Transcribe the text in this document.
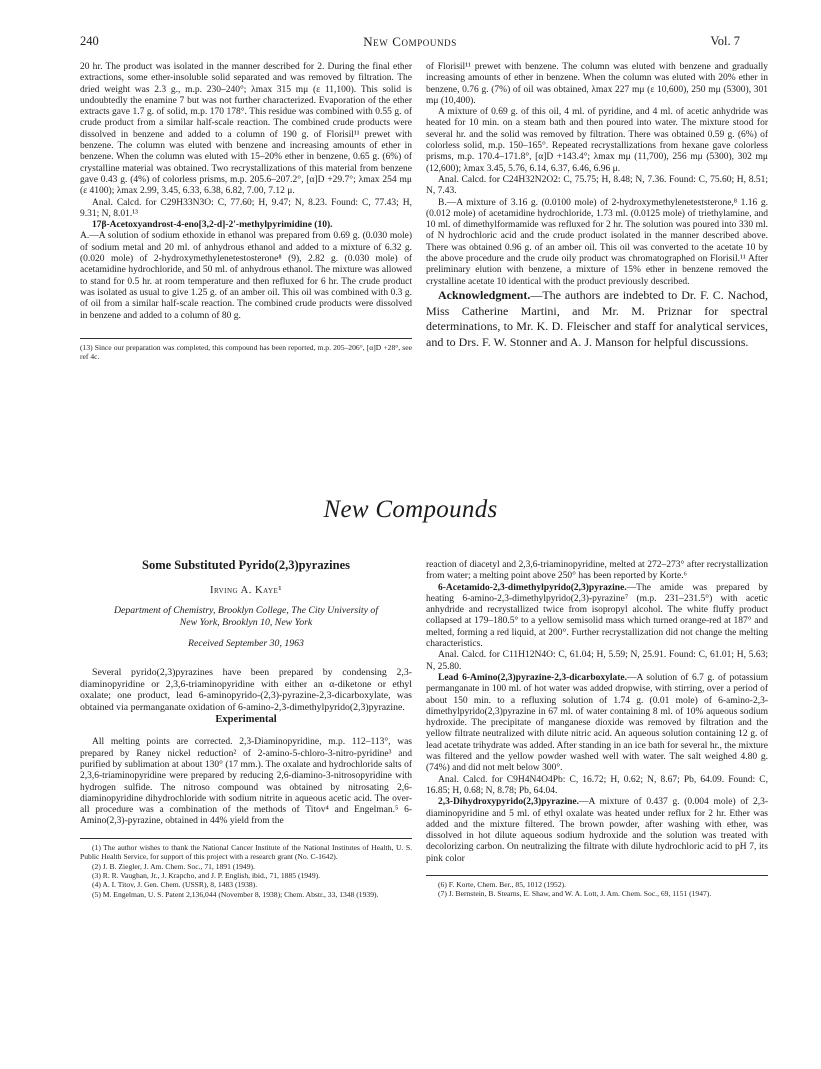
240	New Compounds	Vol. 7

20 hr. The product was isolated in the manner described for 2. During the final ether extractions, some ether-insoluble solid separated and was removed by filtration. The dried weight was 2.3 g., m.p. 230–240°; λmax 315 mμ (ε 11,100). This solid is undoubtedly the enamine 7 but was not further characterized. Evaporation of the ether extracts gave 1.7 g. of solid, m.p. 170 178°. This residue was combined with 0.55 g. of crude product from a similar half-scale reaction. The combined crude products were dissolved in benzene and added to a column of 190 g. of Florisil¹¹ prewet with benzene. The column was eluted with benzene and increasing amounts of ether in benzene. When the column was eluted with 15–20% ether in benzene, 0.65 g. (6%) of crystalline material was obtained. Two recrystallizations of this material from benzene gave 0.43 g. (4%) of colorless prisms, m.p. 205.6–207.2°, [α]D +29.7°; λmax 254 mμ (ε 4100); λmax 2.99, 3.45, 6.33, 6.38, 6.82, 7.00, 7.12 μ.

Anal. Calcd. for C29H33N3O: C, 77.60; H, 9.47; N, 8.23. Found: C, 77.43; H, 9.31; N, 8.01.¹³

17β-Acetoxyandrost-4-eno[3,2-d]-2′-methylpyrimidine (10).
A.—A solution of sodium ethoxide in ethanol was prepared from 0.69 g. (0.030 mole) of sodium metal and 20 ml. of anhydrous ethanol and added to a mixture of 6.32 g. (0.020 mole) of 2-hydroxymethylenetestosterone⁸ (9), 2.82 g. (0.030 mole) of acetamidine hydrochloride, and 50 ml. of anhydrous ethanol. The mixture was allowed to stand for 0.5 hr. at room temperature and then refluxed for 6 hr. The crude product was isolated as usual to give 1.25 g. of an amber oil. This oil was combined with 0.3 g. of oil from a similar half-scale reaction. The combined crude products were dissolved in benzene and added to a column of 80 g.

(13) Since our preparation was completed, this compound has been reported, m.p. 205–206°, [α]D +28°, see ref 4c.

of Florisil¹¹ prewet with benzene. The column was eluted with benzene and gradually increasing amounts of ether in benzene. When the column was eluted with 20% ether in benzene, 0.76 g. (7%) of oil was obtained, λmax 227 mμ (ε 10,600), 250 mμ (5300), 301 mμ (10,400).

A mixture of 0.69 g. of this oil, 4 ml. of pyridine, and 4 ml. of acetic anhydride was heated for 10 min. on a steam bath and then poured into water. The mixture stood for several hr. and the solid was removed by filtration. There was obtained 0.59 g. (6%) of colorless solid, m.p. 150–165°. Repeated recrystallizations from hexane gave colorless prisms, m.p. 170.4–171.8°, [α]D +143.4°; λmax mμ (11,700), 256 mμ (5300), 302 mμ (12,600); λmax 3.45, 5.76, 6.14, 6.37, 6.46, 6.96 μ.

Anal. Calcd. for C24H32N2O2: C, 75.75; H, 8.48; N, 7.36. Found: C, 75.60; H, 8.51; N, 7.43.

B.—A mixture of 3.16 g. (0.0100 mole) of 2-hydroxymethyleneteststerone,⁸ 1.16 g. (0.012 mole) of acetamidine hydrochloride, 1.73 ml. (0.0125 mole) of triethylamine, and 10 ml. of dimethylformamide was refluxed for 2 hr. The solution was poured into 330 ml. of N hydrochloric acid and the crude product isolated in the manner described above. There was obtained 0.96 g. of an amber oil. This oil was converted to the acetate 10 by the above procedure and the crude oily product was chromatographed on Florisil.¹¹ After preliminary elution with benzene, a mixture of 15% ether in benzene removed the crystalline acetate 10 identical with the product previously described.

Acknowledgment.—The authors are indebted to Dr. F. C. Nachod, Miss Catherine Martini, and Mr. M. Priznar for spectral determinations, to Mr. K. D. Fleischer and staff for analytical services, and to Drs. F. W. Stonner and A. J. Manson for helpful discussions.

New Compounds
Some Substituted Pyrido(2,3)pyrazines
Irving A. Kaye¹
Department of Chemistry, Brooklyn College, The City University of New York, Brooklyn 10, New York
Received September 30, 1963

Several pyrido(2,3)pyrazines have been prepared by condensing 2,3-diaminopyridine or 2,3,6-triaminopyridine with either an α-diketone or ethyl oxalate; one product, lead 6-aminopyrido-(2,3)-pyrazine-2,3-dicarboxylate, was obtained via permanganate oxidation of 6-amino-2,3-dimethylpyrido(2,3)pyrazine.

Experimental

All melting points are corrected. 2,3-Diaminopyridine, m.p. 112–113°, was prepared by Raney nickel reduction² of 2-amino-5-chloro-3-nitro-pyridine³ and purified by sublimation at about 130° (17 mm.). The oxalate and hydrochloride salts of 2,3,6-triaminopyridine were prepared by reducing 2,6-diamino-3-nitrosopyridine with hydrogen sulfide. The nitroso compound was obtained by nitrosating 2,6-diaminopyridine dihydrochloride with sodium nitrite in aqueous acetic acid. The over-all procedure was a combination of the methods of Titov⁴ and Engelman.⁵ 6-Amino(2,3)-pyrazine, obtained in 44% yield from the

(1) The author wishes to thank the National Cancer Institute of the National Institutes of Health, U. S. Public Health Service, for support of this project with a research grant (No. C-1642).

(2) J. B. Ziegler, J. Am. Chem. Soc., 71, 1891 (1949).

(3) R. R. Vaughan, Jr., J. Krapcho, and J. P. English, ibid., 71, 1885 (1949).

(4) A. I. Titov, J. Gen. Chem. (USSR), 8, 1483 (1938).

(5) M. Engelman, U. S. Patent 2,136,044 (November 8, 1938); Chem. Abstr., 33, 1348 (1939).

reaction of diacetyl and 2,3,6-triaminopyridine, melted at 272–273° after recrystallization from water; a melting point above 250° has been reported by Korte.⁶

6-Acetamido-2,3-dimethylpyrido(2,3)pyrazine.—The amide was prepared by heating 6-amino-2,3-dimethylpyrido(2,3)-pyrazine⁷ (m.p. 231–231.5°) with acetic anhydride and recrystallized twice from isopropyl alcohol. The white fluffy product collapsed at 179–180.5° to a yellow semisolid mass which turned orange-red at 187° and melted, forming a red liquid, at 200°. Further recrystallization did not change the melting characteristics.

Anal. Calcd. for C11H12N4O: C, 61.04; H, 5.59; N, 25.91. Found: C, 61.01; H, 5.63; N, 25.80.

Lead 6-Amino(2,3)pyrazine-2,3-dicarboxylate.—A solution of 6.7 g. of potassium permanganate in 100 ml. of hot water was added dropwise, with stirring, over a period of about 150 min. to a refluxing solution of 1.74 g. (0.01 mole) of 6-amino-2,3-dimethylpyrido(2,3)pyrazine in 67 ml. of water containing 8 ml. of 10% aqueous sodium hydroxide. The precipitate of manganese dioxide was removed by filtration and the yellow filtrate neutralized with dilute nitric acid. An aqueous solution containing 12 g. of lead acetate trihydrate was added. After standing in an ice bath for several hr., the mixture was filtered and the yellow powder washed well with water. The salt weighed 4.80 g. (74%) and did not melt below 300°.

Anal. Calcd. for C9H4N4O4Pb: C, 16.72; H, 0.62; N, 8.67; Pb, 64.09. Found: C, 16.85; H, 0.68; N, 8.78; Pb, 64.04.

2,3-Dihydroxypyrido(2,3)pyrazine.—A mixture of 0.437 g. (0.004 mole) of 2,3-diaminopyridine and 5 ml. of ethyl oxalate was heated under reflux for 2 hr. Ether was added and the mixture filtered. The brown powder, after washing with ether, was dissolved in hot dilute aqueous sodium hydroxide and the solution was treated with decolorizing carbon. On neutralizing the filtrate with dilute hydrochloric acid to pH 7, its pink color

(6) F. Korte, Chem. Ber., 85, 1012 (1952).

(7) J. Bernstein, B. Stearns, E. Shaw, and W. A. Lott, J. Am. Chem. Soc., 69, 1151 (1947).
